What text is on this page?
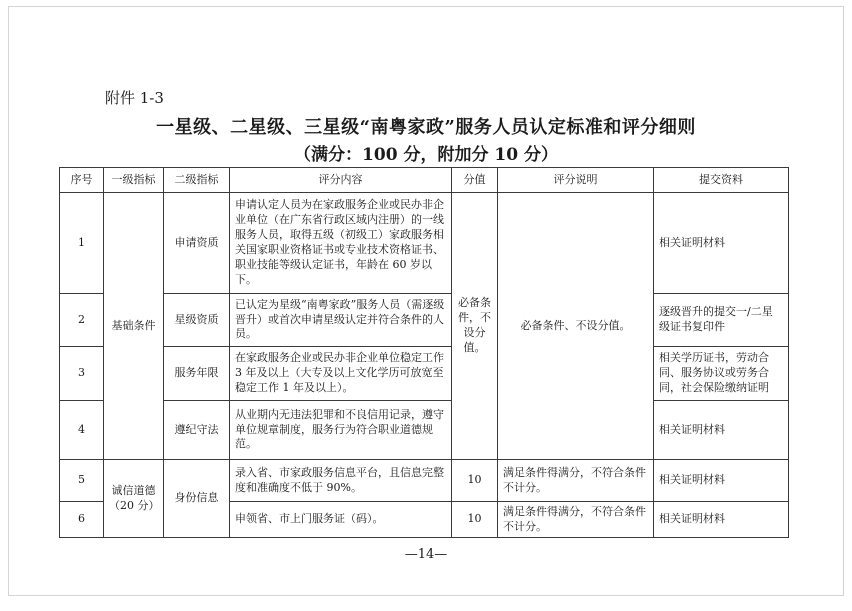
附件 1-3
一星级、二星级、三星级“南粤家政”服务人员认定标准和评分细则
（满分：100 分，附加分 10 分）
序号	一级指标	二级指标	评分内容	分值	评分说明	提交资料
1	基础条件	申请资质	申请认定人员为在家政服务企业或民办非企业单位（在广东省行政区域内注册）的一线服务人员，取得五级（初级工）家政服务相关国家职业资格证书或专业技术资格证书、职业技能等级认定证书，年龄在 60 岁以下。	必备条件，不设分值。	必备条件、不设分值。	相关证明材料
2		星级资质	已认定为星级“南粤家政”服务人员（需逐级晋升）或首次申请星级认定并符合条件的人员。			逐级晋升的提交一/二星级证书复印件
3		服务年限	在家政服务企业或民办非企业单位稳定工作 3 年及以上（大专及以上文化学历可放宽至稳定工作 1 年及以上）。			相关学历证书，劳动合同、服务协议或劳务合同，社会保险缴纳证明
4		遵纪守法	从业期内无违法犯罪和不良信用记录，遵守单位规章制度，服务行为符合职业道德规范。			相关证明材料
5	诚信道德（20 分）	身份信息	录入省、市家政服务信息平台，且信息完整度和准确度不低于 90%。	10	满足条件得满分，不符合条件不计分。	相关证明材料
6			申领省、市上门服务证（码）。	10	满足条件得满分，不符合条件不计分。	相关证明材料
—14—
